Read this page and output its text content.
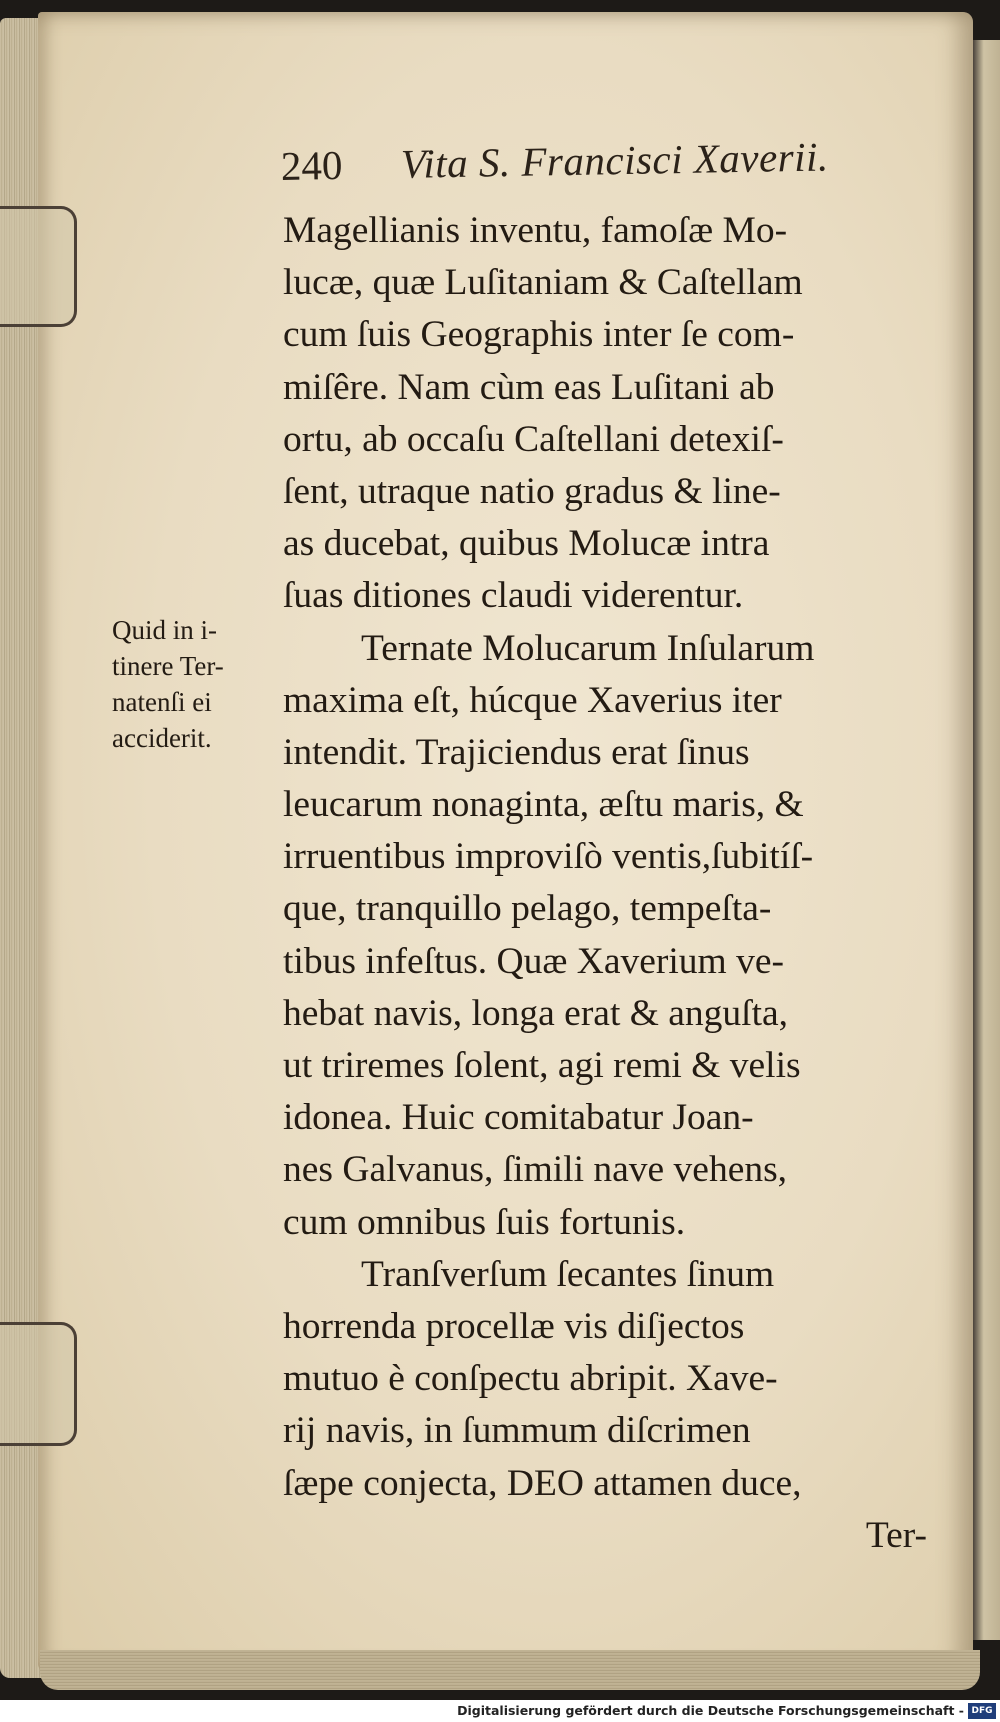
240 Vita S. Francisci Xaverii.
Quid in i-
tinere Ter-
natenſi ei
acciderit.
Magellianis inventu, famoſæ Mo-
lucæ, quæ Luſitaniam & Caſtellam
cum ſuis Geographis inter ſe com-
miſêre. Nam cùm eas Luſitani ab
ortu, ab occaſu Caſtellani detexiſ-
ſent, utraque natio gradus & line-
as ducebat, quibus Molucæ intra
ſuas ditiones claudi viderentur.
Ternate Molucarum Inſularum
maxima eſt, húcque Xaverius iter
intendit. Trajiciendus erat ſinus
leucarum nonaginta, æſtu maris, &
irruentibus improviſò ventis,ſubitíſ-
que, tranquillo pelago, tempeſta-
tibus infeſtus. Quæ Xaverium ve-
hebat navis, longa erat & anguſta,
ut triremes ſolent, agi remi & velis
idonea. Huic comitabatur Joan-
nes Galvanus, ſimili nave vehens,
cum omnibus ſuis fortunis.
Tranſverſum ſecantes ſinum
horrenda procellæ vis diſjectos
mutuo è conſpectu abripit. Xave-
rij navis, in ſummum diſcrimen
ſæpe conjecta, DEO attamen duce,
Ter-
Digitalisierung gefördert durch die Deutsche Forschungsgemeinschaft - DFG
